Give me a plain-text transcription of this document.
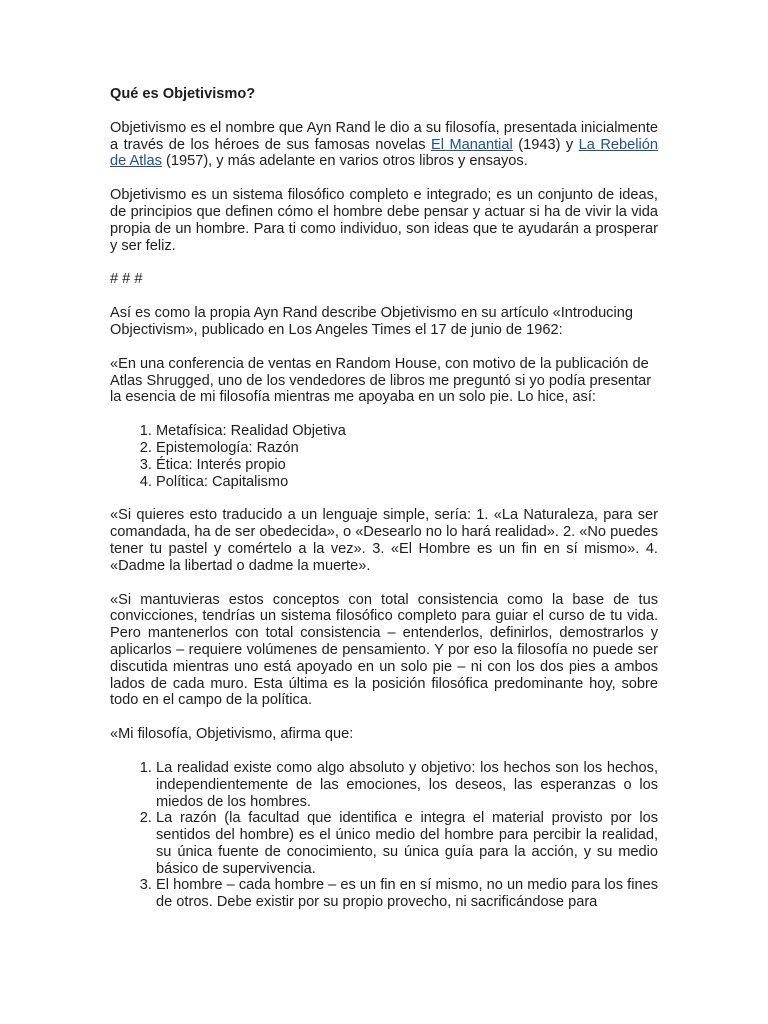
Qué es Objetivismo?

Objetivismo es el nombre que Ayn Rand le dio a su filosofía, presentada inicialmente a través de los héroes de sus famosas novelas El Manantial (1943) y La Rebelión de Atlas (1957), y más adelante en varios otros libros y ensayos.

Objetivismo es un sistema filosófico completo e integrado; es un conjunto de ideas, de principios que definen cómo el hombre debe pensar y actuar si ha de vivir la vida propia de un hombre. Para ti como individuo, son ideas que te ayudarán a prosperar y ser feliz.

# # #

Así es como la propia Ayn Rand describe Objetivismo en su artículo «Introducing Objectivism», publicado en Los Angeles Times el 17 de junio de 1962:

«En una conferencia de ventas en Random House, con motivo de la publicación de Atlas Shrugged, uno de los vendedores de libros me preguntó si yo podía presentar la esencia de mi filosofía mientras me apoyaba en un solo pie. Lo hice, así:

1. Metafísica: Realidad Objetiva
2. Epistemología: Razón
3. Ética: Interés propio
4. Política: Capitalismo

«Si quieres esto traducido a un lenguaje simple, sería: 1. «La Naturaleza, para ser comandada, ha de ser obedecida», o «Desearlo no lo hará realidad». 2. «No puedes tener tu pastel y comértelo a la vez». 3. «El Hombre es un fin en sí mismo». 4. «Dadme la libertad o dadme la muerte».

«Si mantuvieras estos conceptos con total consistencia como la base de tus convicciones, tendrías un sistema filosófico completo para guiar el curso de tu vida. Pero mantenerlos con total consistencia – entenderlos, definirlos, demostrarlos y aplicarlos – requiere volúmenes de pensamiento. Y por eso la filosofía no puede ser discutida mientras uno está apoyado en un solo pie – ni con los dos pies a ambos lados de cada muro. Esta última es la posición filosófica predominante hoy, sobre todo en el campo de la política.

«Mi filosofía, Objetivismo, afirma que:

1. La realidad existe como algo absoluto y objetivo: los hechos son los hechos, independientemente de las emociones, los deseos, las esperanzas o los miedos de los hombres.
2. La razón (la facultad que identifica e integra el material provisto por los sentidos del hombre) es el único medio del hombre para percibir la realidad, su única fuente de conocimiento, su única guía para la acción, y su medio básico de supervivencia.
3. El hombre – cada hombre – es un fin en sí mismo, no un medio para los fines de otros. Debe existir por su propio provecho, ni sacrificándose para
